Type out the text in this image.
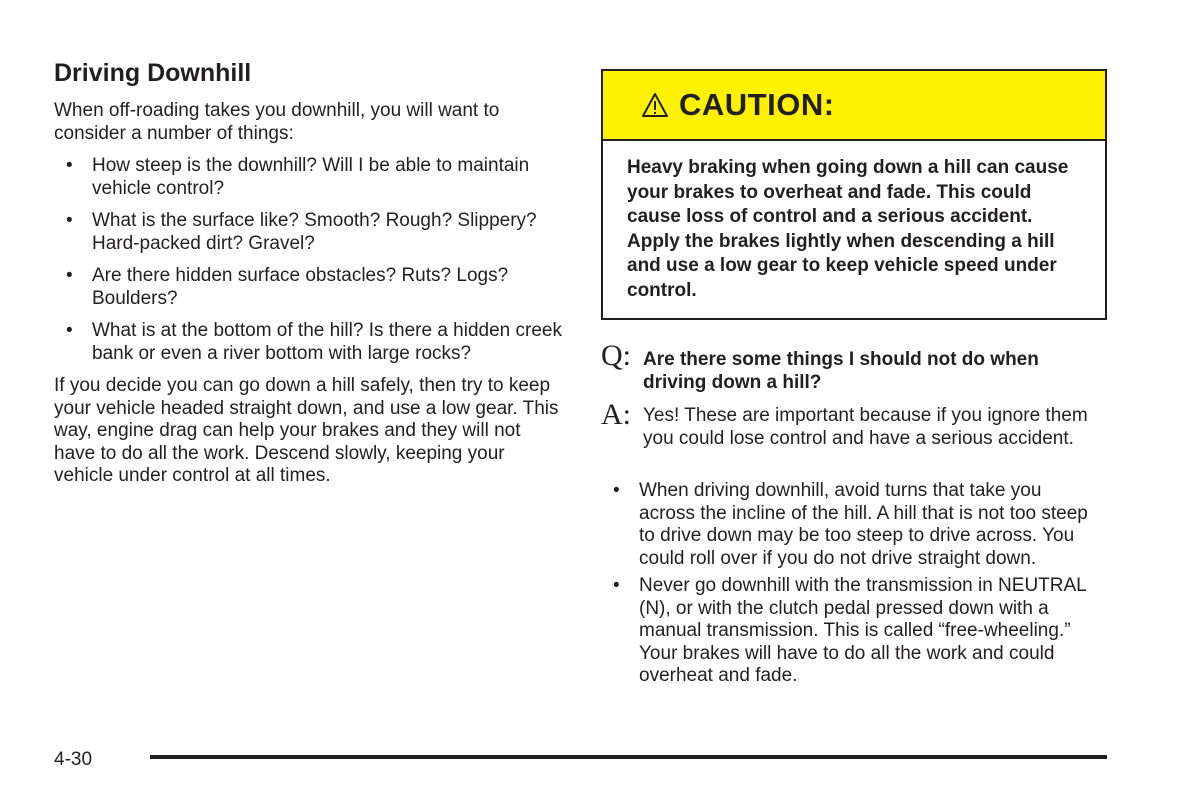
Driving Downhill

When off-roading takes you downhill, you will want to consider a number of things:

• How steep is the downhill? Will I be able to maintain vehicle control?
• What is the surface like? Smooth? Rough? Slippery? Hard-packed dirt? Gravel?
• Are there hidden surface obstacles? Ruts? Logs? Boulders?
• What is at the bottom of the hill? Is there a hidden creek bank or even a river bottom with large rocks?

If you decide you can go down a hill safely, then try to keep your vehicle headed straight down, and use a low gear. This way, engine drag can help your brakes and they will not have to do all the work. Descend slowly, keeping your vehicle under control at all times.

CAUTION:

Heavy braking when going down a hill can cause your brakes to overheat and fade. This could cause loss of control and a serious accident. Apply the brakes lightly when descending a hill and use a low gear to keep vehicle speed under control.

Q: Are there some things I should not do when driving down a hill?

A: Yes! These are important because if you ignore them you could lose control and have a serious accident.

• When driving downhill, avoid turns that take you across the incline of the hill. A hill that is not too steep to drive down may be too steep to drive across. You could roll over if you do not drive straight down.
• Never go downhill with the transmission in NEUTRAL (N), or with the clutch pedal pressed down with a manual transmission. This is called “free-wheeling.” Your brakes will have to do all the work and could overheat and fade.
4-30
